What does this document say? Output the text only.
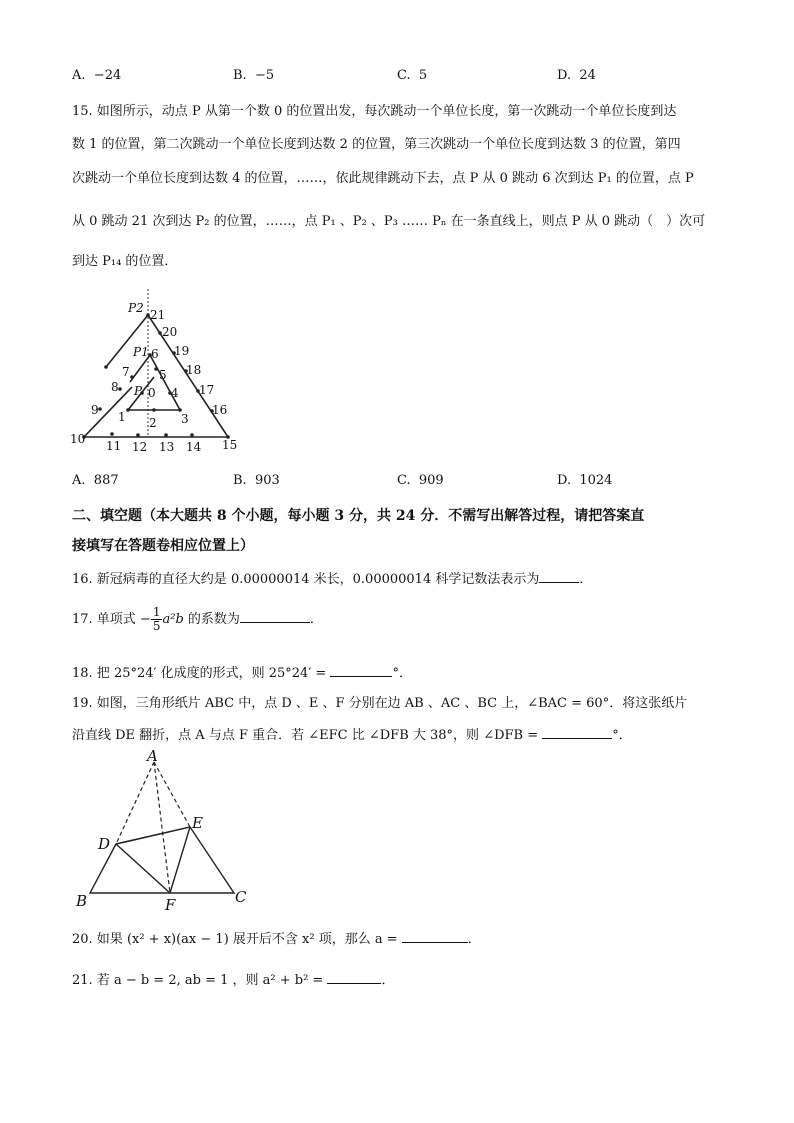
A. −24	B. −5	C. 5	D. 24
15. 如图所示，动点 P 从第一个数 0 的位置出发，每次跳动一个单位长度，第一次跳动一个单位长度到达
数 1 的位置，第二次跳动一个单位长度到达数 2 的位置，第三次跳动一个单位长度到达数 3 的位置，第四
次跳动一个单位长度到达数 4 的位置，……，依此规律跳动下去，点 P 从 0 跳动 6 次到达 P₁ 的位置，点 P
从 0 跳动 21 次到达 P₂ 的位置，……，点 P₁ 、P₂ 、P₃ …… Pₙ 在一条直线上，则点 P 从 0 跳动（　）次可
到达 P₁₄ 的位置．
P2 21
20
19
P1 6
18
7 5
8 P 0 4 17
9 1	3
16
2
10 11 12 13 14 15
A. 887	B. 903	C. 909	D. 1024
二、填空题（本大题共 8 个小题，每小题 3 分，共 24 分．不需写出解答过程，请把答案直
接填写在答题卷相应位置上）
16. 新冠病毒的直径大约是 0.00000014 米长，0.00000014 科学记数法表示为	．
17. 单项式 − $\frac{1}{5} a^2b$ 的系数为	．
18. 把 25°24′ 化成度的形式，则 25°24′ =	°．
19. 如图，三角形纸片 ABC 中，点 D 、E 、F 分别在边 AB 、AC 、BC 上，∠BAC = 60°．将这张纸片
沿直线 DE 翻折，点 A 与点 F 重合．若 ∠EFC 比 ∠DFB 大 38°，则 ∠DFB =	°．
A
E
D
B	F	C
20. 如果 (x² + x)(ax − 1) 展开后不含 x² 项，那么 a =	．
21. 若 a − b = 2, ab = 1 ，则 a² + b² =	．
